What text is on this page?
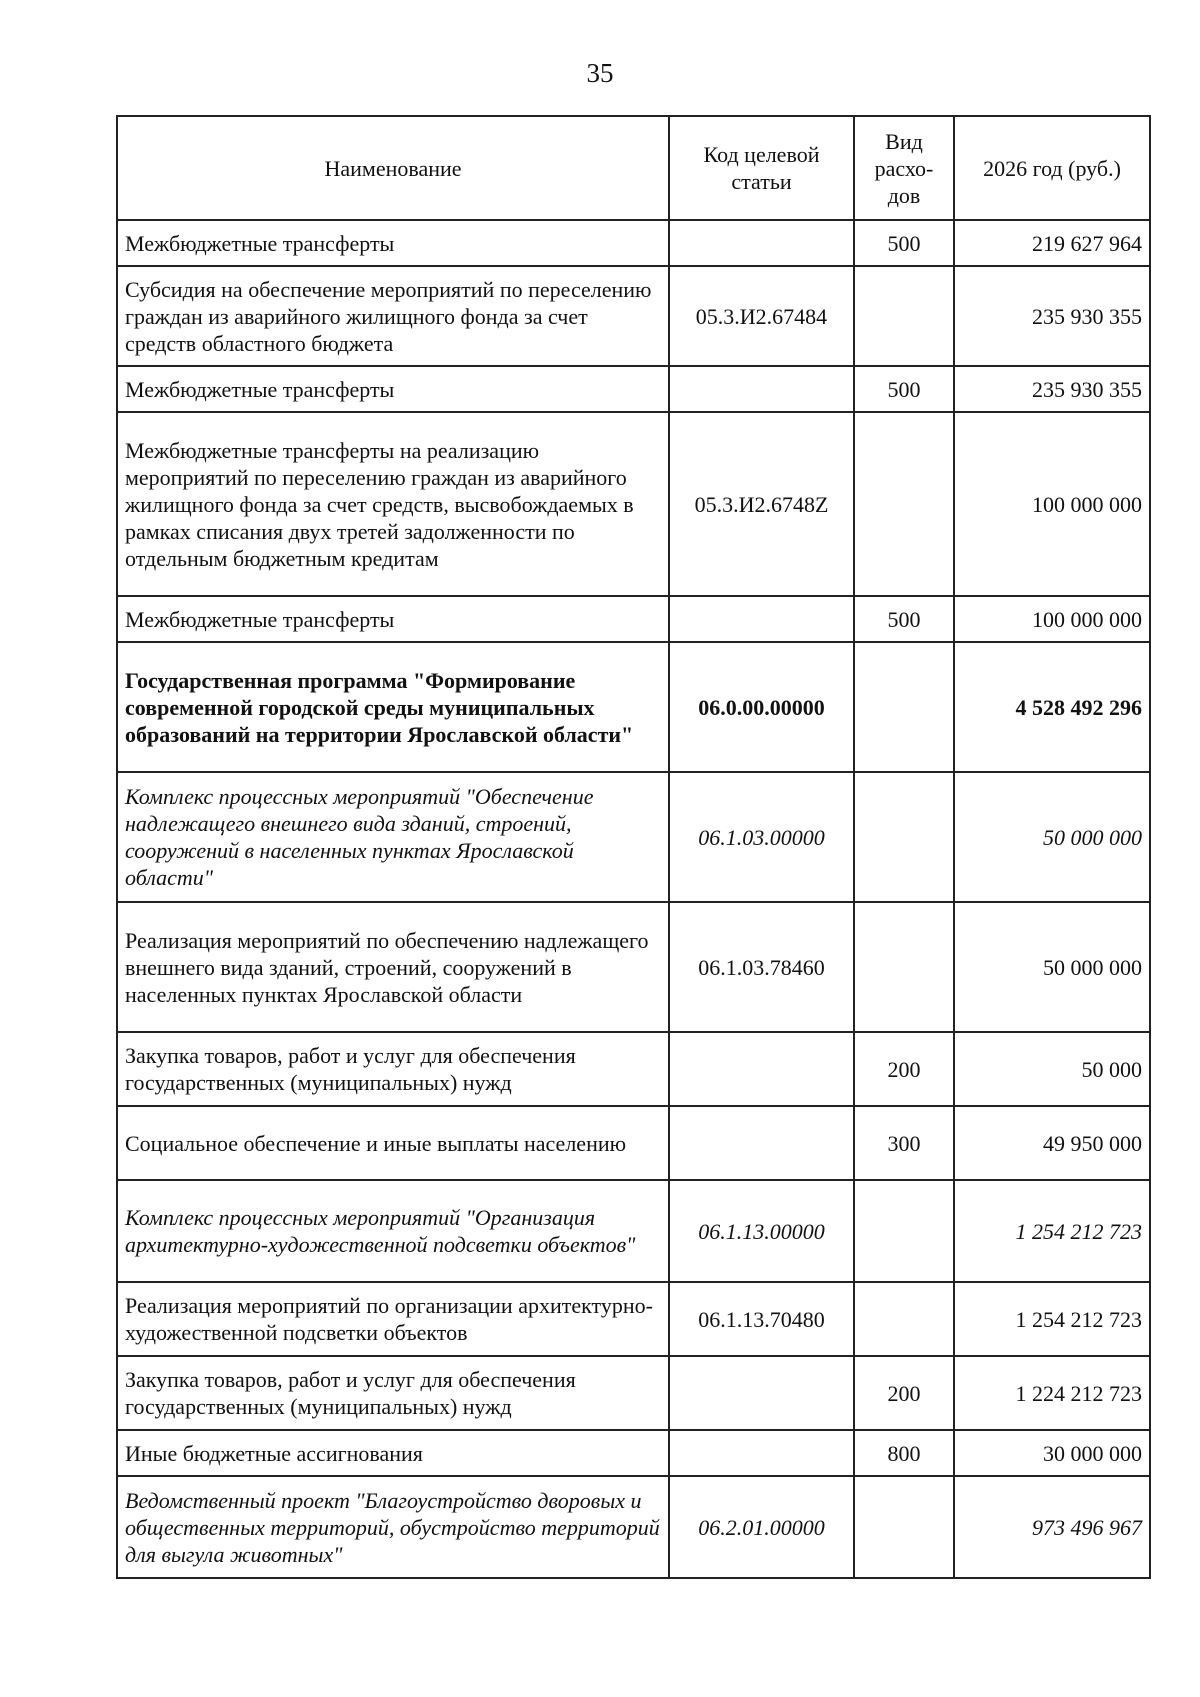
35
Наименование	Код целевой статьи	Вид расхо- дов	2026 год (руб.)
Межбюджетные трансферты		500	219 627 964
Субсидия на обеспечение мероприятий по переселению граждан из аварийного жилищного фонда за счет средств областного бюджета	05.3.И2.67484		235 930 355
Межбюджетные трансферты		500	235 930 355
Межбюджетные трансферты на реализацию мероприятий по переселению граждан из аварийного жилищного фонда за счет средств, высвобождаемых в рамках списания двух третей задолженности по отдельным бюджетным кредитам	05.3.И2.6748Z		100 000 000
Межбюджетные трансферты		500	100 000 000
Государственная программа "Формирование современной городской среды муниципальных образований на территории Ярославской области"	06.0.00.00000		4 528 492 296
Комплекс процессных мероприятий "Обеспечение надлежащего внешнего вида зданий, строений, сооружений в населенных пунктах Ярославской области"	06.1.03.00000		50 000 000
Реализация мероприятий по обеспечению надлежащего внешнего вида зданий, строений, сооружений в населенных пунктах Ярославской области	06.1.03.78460		50 000 000
Закупка товаров, работ и услуг для обеспечения государственных (муниципальных) нужд		200	50 000
Социальное обеспечение и иные выплаты населению		300	49 950 000
Комплекс процессных мероприятий "Организация архитектурно-художественной подсветки объектов"	06.1.13.00000		1 254 212 723
Реализация мероприятий по организации архитектурно-художественной подсветки объектов	06.1.13.70480		1 254 212 723
Закупка товаров, работ и услуг для обеспечения государственных (муниципальных) нужд		200	1 224 212 723
Иные бюджетные ассигнования		800	30 000 000
Ведомственный проект "Благоустройство дворовых и общественных территорий, обустройство территорий для выгула животных"	06.2.01.00000		973 496 967
